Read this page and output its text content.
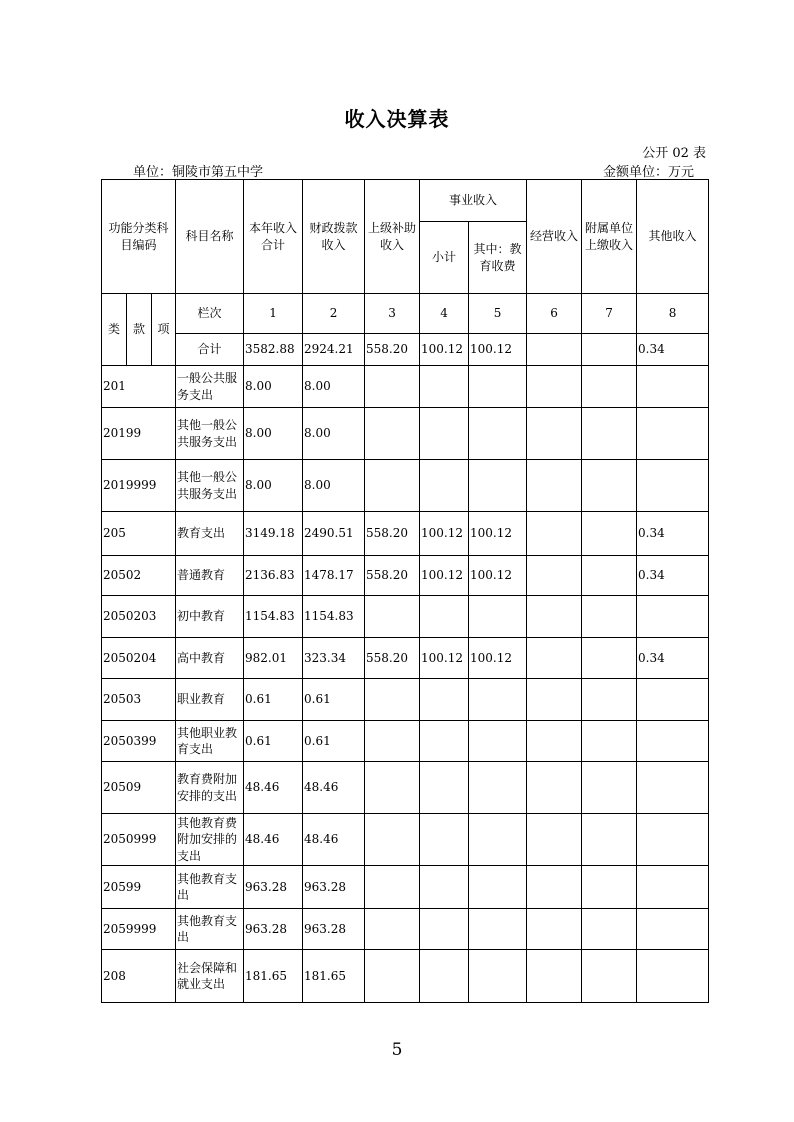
收入决算表
公开 02 表
单位：铜陵市第五中学	金额单位：万元
功能分类科目编码			科目名称	本年收入合计	财政拨款收入	上级补助收入	事业收入		经营收入	附属单位上缴收入	其他收入
							小计	其中：教育收费			
类	款	项	栏次	1	2	3	4	5	6	7	8
			合计	3582.88	2924.21	558.20	100.12	100.12			0.34
201			一般公共服务支出	8.00	8.00						
20199			其他一般公共服务支出	8.00	8.00						
2019999			其他一般公共服务支出	8.00	8.00						
205			教育支出	3149.18	2490.51	558.20	100.12	100.12			0.34
20502			普通教育	2136.83	1478.17	558.20	100.12	100.12			0.34
2050203			初中教育	1154.83	1154.83						
2050204			高中教育	982.01	323.34	558.20	100.12	100.12			0.34
20503			职业教育	0.61	0.61						
2050399			其他职业教育支出	0.61	0.61						
20509			教育费附加安排的支出	48.46	48.46						
2050999			其他教育费附加安排的支出	48.46	48.46						
20599			其他教育支出	963.28	963.28						
2059999			其他教育支出	963.28	963.28						
208			社会保障和就业支出	181.65	181.65						
5
